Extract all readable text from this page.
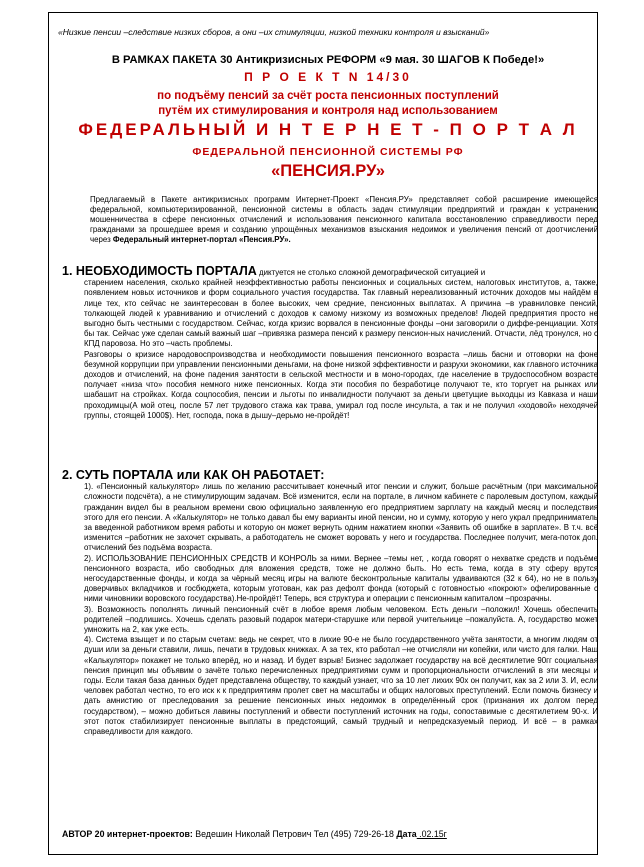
«Низкие пенсии –следствие низких сборов, а они –их стимуляции, низкой техники контроля и взысканий»
В РАМКАХ ПАКЕТА 30 Антикризисных РЕФОРМ «9 мая. 30 ШАГОВ К Победе!»
П Р О Е К Т N 14/30
по подъёму пенсий за счёт роста пенсионных поступлений
путём их стимулирования и контроля над использованием
ФЕДЕРАЛЬНЫЙ И Н Т Е Р Н Е Т - П О Р Т А Л
ФЕДЕРАЛЬНОЙ ПЕНСИОННОЙ СИСТЕМЫ РФ
«ПЕНСИЯ.РУ»
Предлагаемый в Пакете антикризисных программ Интернет-Проект «Пенсия.РУ» представляет собой расширение имеющейся федеральной, компьютеризированной, пенсионной системы в область задач стимуляции предприятий и граждан к устранению мошенничества в сфере пенсионных отчислений и использования пенсионного капитала восстановлению справедливости перед гражданами за прошедшее время и созданию упрощённых механизмов взыскания недоимок и увеличения пенсий от доотчислений через Федеральный интернет-портал «Пенсия.РУ».
1. НЕОБХОДИМОСТЬ ПОРТАЛА диктуется не столько сложной демографической ситуацией и

старением населения, сколько крайней неэффективностью работы пенсионных и социальных систем, налоговых институтов, а, также, появлением новых источников и форм социального участия государства. Так главный нереализованный источник доходов мы найдём в лице тех, кто сейчас не заинтересован в более высоких, чем средние, пенсионных выплатах. А причина –в уравниловке пенсий, толкающей людей к уравниванию и отчислений с доходов к самому низкому из возможных пределов! Людей предприятия просто не выгодно быть честными с государством. Сейчас, когда кризис ворвался в пенсионные фонды –они заговорили о диффе-ренциации. Хотя бы так. Сейчас уже сделан самый важный шаг –привязка размера пенсий к размеру пенсион-ных начислений. Отчасти, лёд тронулся, но с КПД паровоза. Но это –часть проблемы.

Разговоры о кризисе народовоспроизводства и необходимости повышения пенсионного возраста –лишь басни и отговорки на фоне безумной коррупции при управлении пенсионными деньгами, на фоне низкой эффективности и разрухи экономики, как главного источника доходов и отчислений, на фоне падения занятости в сельской местности и в моно-городах, где население в трудоспособном возрасте получает «низа что» пособия немного ниже пенсионных. Когда эти пособия по безработице получают те, кто торгует на рынках или шабашит на стройках. Когда соцпособия, пенсии и льготы по инвалидности получают за деньги цветущие выходцы из Кавказа и наши проходимцы(А мой отец, после 57 лет трудового стажа как трава, умирал год после инсульта, а так и не получил «ходовой» неходячей группы, стоящей 1000$). Нет, господа, пока в дышу–дерьмо не-пройдёт!

2. СУТЬ ПОРТАЛА или КАК ОН РАБОТАЕТ:

1). «Пенсионный калькулятор» лишь по желанию рассчитывает конечный итог пенсии и служит, больше расчётным (при максимальной сложности подсчёта), а не стимулирующим задачам. Всё изменится, если на портале, в личном кабинете с паролевым доступом, каждый гражданин видел бы в реальном времени свою официально заявленную его предприятием зарплату на каждый месяц и последствия этого для его пенсии. А «Калькулятор» не только давал бы ему варианты иной пенсии, но и сумму, которую у него украл предприниматель за введенной работником время работы и которую он может вернуть одним нажатием кнопки «Заявить об ошибке в зарплате». В т.ч. всё изменится –работник не захочет скрывать, а работодатель не сможет воровать у него и государства. Последнее получит, мега-поток доп. отчислений без подъёма возраста.

2). ИСПОЛЬЗОВАНИЕ ПЕНСИОННЫХ СРЕДСТВ И КОНРОЛЬ за ними. Вернее –темы нет, , когда говорят о нехватке средств и подъёме пенсионного возраста, ибо свободных для вложения средств, тоже не должно быть. Но есть тема, когда в эту сферу врутся негосударственные фонды, и когда за чёрный месяц игры на валюте бесконтрольные капиталы удваиваются (32 к 64), но не в пользу доверчивых вкладчиков и госбюджета, которым уготован, как раз дефолт фонда (который с готовностью «покроют» офелированные с ними чиновники воровского государства).Не-пройдёт! Теперь, вся структура и операции с пенсионным капиталом –прозрачны.

3). Возможность пополнять личный пенсионный счёт в любое время любым человеком. Есть деньги –положил! Хочешь обеспечить родителей –подлишись. Хочешь сделать разовый подарок матери-старушке или первой учительнице –пожалуйста. А, государство может умножить на 2, как уже есть.

4). Система взыщет и по старым счетам: ведь не секрет, что в лихие 90-е не было государственного учёта занятости, а многим людям от души или за деньги ставили, лишь, печати в трудовых книжках. А за тех, кто работал –не отчисляли ни копейки, или чисто для галки. Наш «Калькулятор» покажет не только вперёд, но и назад. И будет взрыв! Бизнес задолжает государству на всё десятилетие 90гг социальная пенсия принцип мы объявим о зачёте только перечисленных предприятиями сумм и пропорциональности отчислений в эти месяцы и годы. Если такая база данных будет представлена обществу, то каждый узнает, что за 10 лет лихих 90х он получит, как за 2 или 3. И, если человек работал честно, то его иск к к предприятиям пролет свет на масштабы и общих налоговых преступлений. Если помочь бизнесу и дать амнистию от преследования за решение пенсионных иных недоимок в определённый срок (признания их долгом перед государством), – можно добиться лавины поступлений и обвести поступлений источник на годы, сопоставимые с десятилетием 90-х. И этот поток стабилизирует пенсионные выплаты в предстоящий, самый трудный и непредсказуемый период. И всё – в рамках справедливости для каждого.

АВТОР 20 интернет-проектов: Ведешин Николай Петрович Тел (495) 729-26-18 Дата .02.15г
